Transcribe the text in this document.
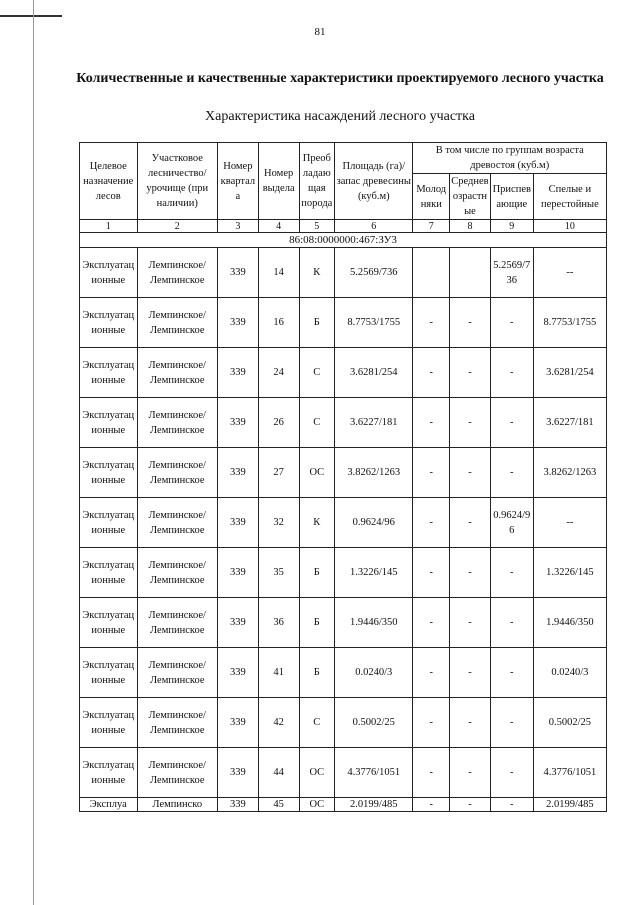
81
Количественные и качественные характеристики проектируемого лесного участка
Характеристика насаждений лесного участка
Целевое назначение лесов	Участковое лесничество/урочище (при наличии)	Номер квартала	Номер выдела	Преобладающая порода	Площадь (га)/ запас древесины (куб.м)	В том числе по группам возраста древостоя (куб.м)			
						Молодняки	Средневозрастные	Приспевающие	Спелые и перестойные
1	2	3	4	5	6	7	8	9	10
86:08:0000000:467:ЗУ3									
Эксплуатационные	Лемпинское/Лемпинское	339	14	К	5.2569/736			5.2569/736	--
Эксплуатационные	Лемпинское/Лемпинское	339	16	Б	8.7753/1755	-	-	-	8.7753/1755
Эксплуатационные	Лемпинское/Лемпинское	339	24	С	3.6281/254	-	-	-	3.6281/254
Эксплуатационные	Лемпинское/Лемпинское	339	26	С	3.6227/181	-	-	-	3.6227/181
Эксплуатационные	Лемпинское/Лемпинское	339	27	ОС	3.8262/1263	-	-	-	3.8262/1263
Эксплуатационные	Лемпинское/Лемпинское	339	32	К	0.9624/96	-	-	0.9624/96	--
Эксплуатационные	Лемпинское/Лемпинское	339	35	Б	1.3226/145	-	-	-	1.3226/145
Эксплуатационные	Лемпинское/Лемпинское	339	36	Б	1.9446/350	-	-	-	1.9446/350
Эксплуатационные	Лемпинское/Лемпинское	339	41	Б	0.0240/3	-	-	-	0.0240/3
Эксплуатационные	Лемпинское/Лемпинское	339	42	С	0.5002/25	-	-	-	0.5002/25
Эксплуатационные	Лемпинское/Лемпинское	339	44	ОС	4.3776/1051	-	-	-	4.3776/1051
Эксплуа	Лемпинско	339	45	ОС	2.0199/485	-	-	-	2.0199/485
